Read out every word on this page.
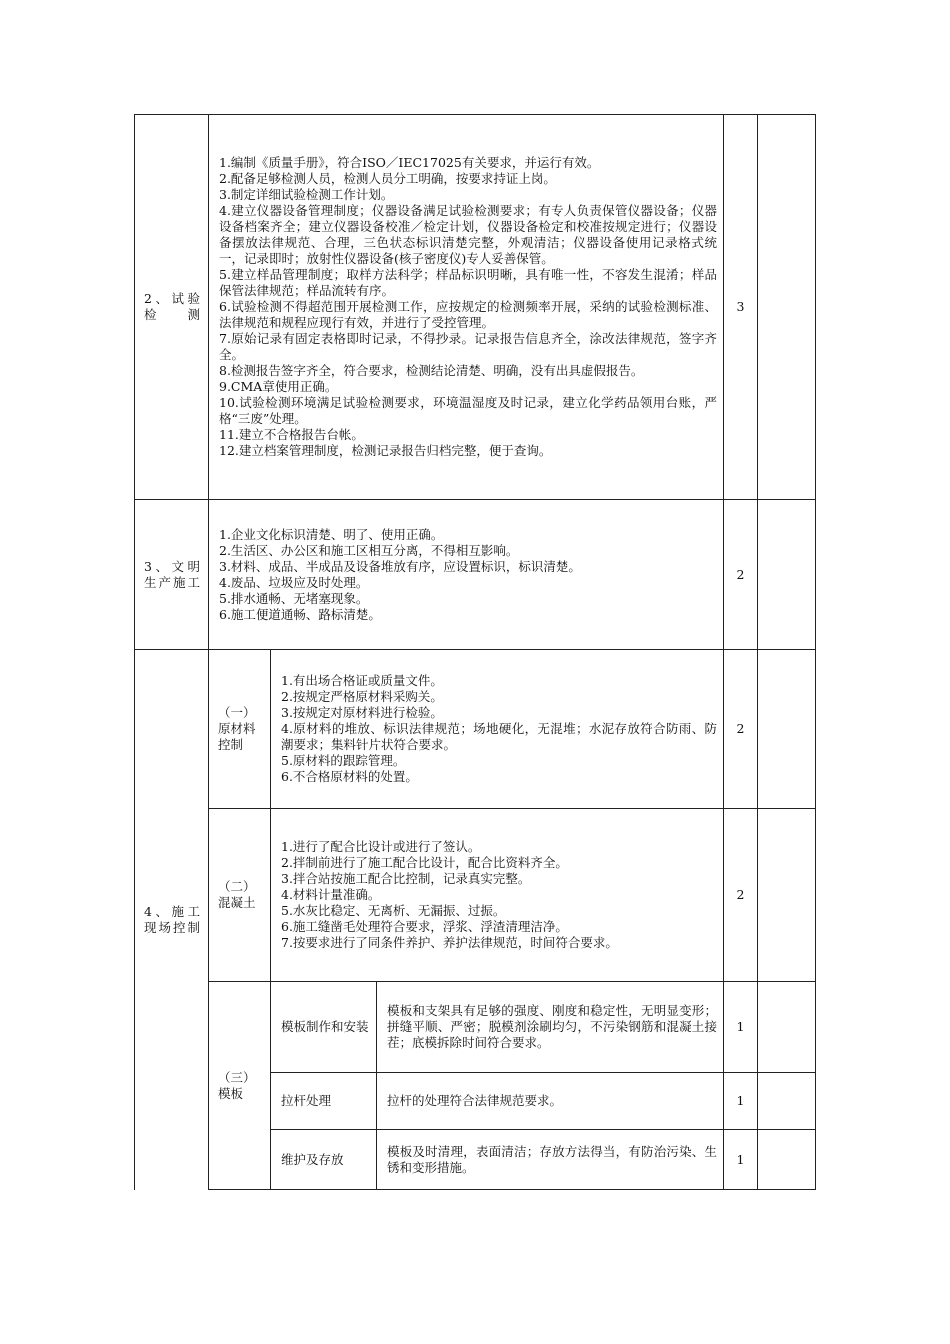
2、试验检测
1.编制《质量手册》，符合ISO／IEC17025有关要求，并运行有效。
2.配备足够检测人员，检测人员分工明确，按要求持证上岗。
3.制定详细试验检测工作计划。
4.建立仪器设备管理制度；仪器设备满足试验检测要求；有专人负责保管仪器设备；仪器设备档案齐全；建立仪器设备校准／检定计划，仪器设备检定和校准按规定进行；仪器设备摆放法律规范、合理，三色状态标识清楚完整，外观清洁；仪器设备使用记录格式统一，记录即时；放射性仪器设备(核子密度仪)专人妥善保管。
5.建立样品管理制度；取样方法科学；样品标识明晰，具有唯一性，不容发生混淆；样品保管法律规范；样品流转有序。
6.试验检测不得超范围开展检测工作，应按规定的检测频率开展，采纳的试验检测标准、法律规范和规程应现行有效，并进行了受控管理。
7.原始记录有固定表格即时记录，不得抄录。记录报告信息齐全，涂改法律规范，签字齐全。
8.检测报告签字齐全，符合要求，检测结论清楚、明确，没有出具虚假报告。
9.CMA章使用正确。
10.试验检测环境满足试验检测要求，环境温湿度及时记录，建立化学药品领用台账，严格“三废”处理。
11.建立不合格报告台帐。
12.建立档案管理制度，检测记录报告归档完整，便于查询。
3
3、文明生产施工
1.企业文化标识清楚、明了、使用正确。
2.生活区、办公区和施工区相互分离，不得相互影响。
3.材料、成品、半成品及设备堆放有序，应设置标识，标识清楚。
4.废品、垃圾应及时处理。
5.排水通畅、无堵塞现象。
6.施工便道通畅、路标清楚。
2
4、施工现场控制
（一）原材料控制
1.有出场合格证或质量文件。
2.按规定严格原材料采购关。
3.按规定对原材料进行检验。
4.原材料的堆放、标识法律规范；场地硬化，无混堆；水泥存放符合防雨、防潮要求；集料针片状符合要求。
5.原材料的跟踪管理。
6.不合格原材料的处置。
2
（二）混凝土
1.进行了配合比设计或进行了签认。
2.拌制前进行了施工配合比设计，配合比资料齐全。
3.拌合站按施工配合比控制，记录真实完整。
4.材料计量准确。
5.水灰比稳定、无离析、无漏振、过振。
6.施工缝凿毛处理符合要求，浮浆、浮渣清理洁净。
7.按要求进行了同条件养护、养护法律规范，时间符合要求。
2
（三）模板
模板制作和安装
模板和支架具有足够的强度、刚度和稳定性，无明显变形；拼缝平顺、严密；脱模剂涂刷均匀，不污染钢筋和混凝土接茬；底模拆除时间符合要求。
1
拉杆处理	拉杆的处理符合法律规范要求。	1
维护及存放
模板及时清理，表面清洁；存放方法得当，有防治污染、生锈和变形措施。
1
